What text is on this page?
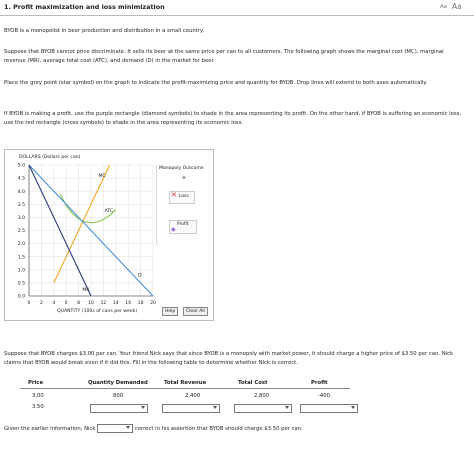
1. Profit maximization and loss minimization	Aa Aa
BYOB is a monopolist in beer production and distribution in a small country.
Suppose that BYOB cannot price discriminate. It sells its beer at the same price per can to all customers. The following graph shows the marginal cost (MC), marginal revenue (MR), average total cost (ATC), and demand (D) in the market for beer.
Place the grey point (star symbol) on the graph to indicate the profit-maximizing price and quantity for BYOB. Drop lines will extend to both axes automatically.
If BYOB is making a profit, use the purple rectangle (diamond symbols) to shade in the area representing its profit. On the other hand, if BYOB is suffering an economic loss, use the red rectangle (cross symbols) to shade in the area representing its economic loss.
DOLLARS (Dollars per can)
0 2 4 6 8 10 12 14 16 18 20
0.0
0.5
1.0
1.5
2.0
2.5
3.0
3.5
4.0
4.5
5.0
MC
ATC
D
MR
QUANTITY (100s of cans per week)
Monopoly Outcome
✦
✕ Loss
Profit
◆
Help	Clear All
Suppose that BYOB charges $3.00 per can. Your friend Nick says that since BYOB is a monopoly with market power, it should charge a higher price of $3.50 per can. Nick claims that BYOB would break even if it did this. Fill in the following table to determine whether Nick is correct.
Price	Quantity Demanded	Total Revenue	Total Cost	Profit
3.00	800	2,400	2,800	-400
3.50
Given the earlier information, Nick	correct in his assertion that BYOB should charge $3.50 per can.
